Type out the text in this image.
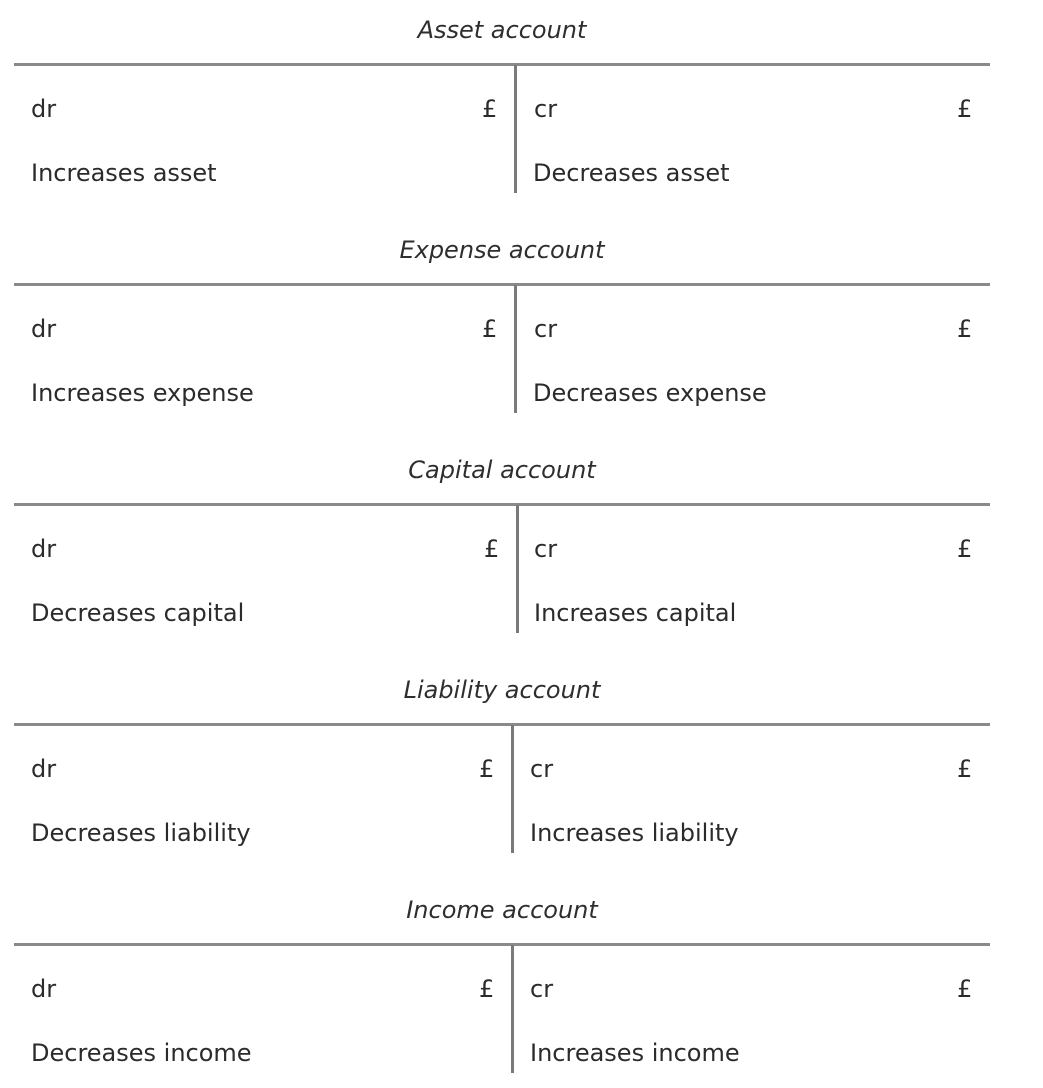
Asset account
dr	£ cr	£
Increases asset	Decreases asset
Expense account
dr	£ cr	£
Increases expense	Decreases expense
Capital account
dr	£ cr	£
Decreases capital	Increases capital
Liability account
dr	£ cr	£
Decreases liability	Increases liability
Income account
dr	£ cr	£
Decreases income	Increases income
